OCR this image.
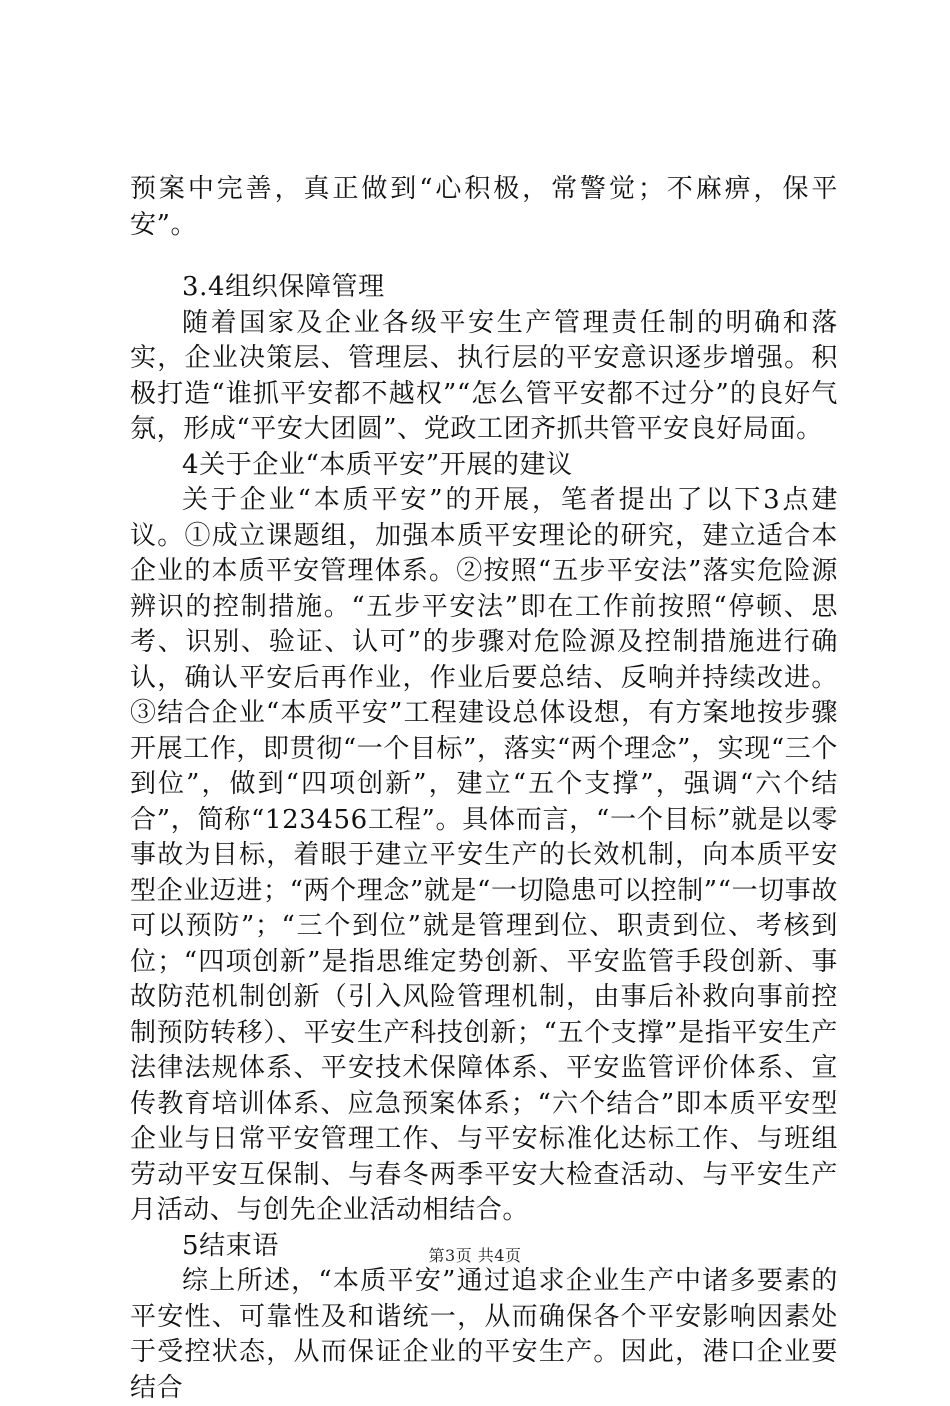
预案中完善，真正做到“心积极，常警觉；不麻痹，保平安”。

3.4组织保障管理

随着国家及企业各级平安生产管理责任制的明确和落实，企业决策层、管理层、执行层的平安意识逐步增强。积极打造“谁抓平安都不越权”“怎么管平安都不过分”的良好气氛，形成“平安大团圆”、党政工团齐抓共管平安良好局面。

4关于企业“本质平安”开展的建议

关于企业“本质平安”的开展，笔者提出了以下3点建议。①成立课题组，加强本质平安理论的研究，建立适合本企业的本质平安管理体系。②按照“五步平安法”落实危险源辨识的控制措施。“五步平安法”即在工作前按照“停顿、思考、识别、验证、认可”的步骤对危险源及控制措施进行确认，确认平安后再作业，作业后要总结、反响并持续改进。③结合企业“本质平安”工程建设总体设想，有方案地按步骤开展工作，即贯彻“一个目标”，落实“两个理念”，实现“三个到位”，做到“四项创新”，建立“五个支撑”，强调“六个结合”，简称“123456工程”。具体而言，“一个目标”就是以零事故为目标，着眼于建立平安生产的长效机制，向本质平安型企业迈进；“两个理念”就是“一切隐患可以控制”“一切事故可以预防”；“三个到位”就是管理到位、职责到位、考核到位；“四项创新”是指思维定势创新、平安监管手段创新、事故防范机制创新（引入风险管理机制，由事后补救向事前控制预防转移）、平安生产科技创新；“五个支撑”是指平安生产法律法规体系、平安技术保障体系、平安监管评价体系、宣传教育培训体系、应急预案体系；“六个结合”即本质平安型企业与日常平安管理工作、与平安标准化达标工作、与班组劳动平安互保制、与春冬两季平安大检查活动、与平安生产月活动、与创先企业活动相结合。

5结束语

综上所述，“本质平安”通过追求企业生产中诸多要素的平安性、可靠性及和谐统一，从而确保各个平安影响因素处于受控状态，从而保证企业的平安生产。因此，港口企业要结合

第3页 共4页
